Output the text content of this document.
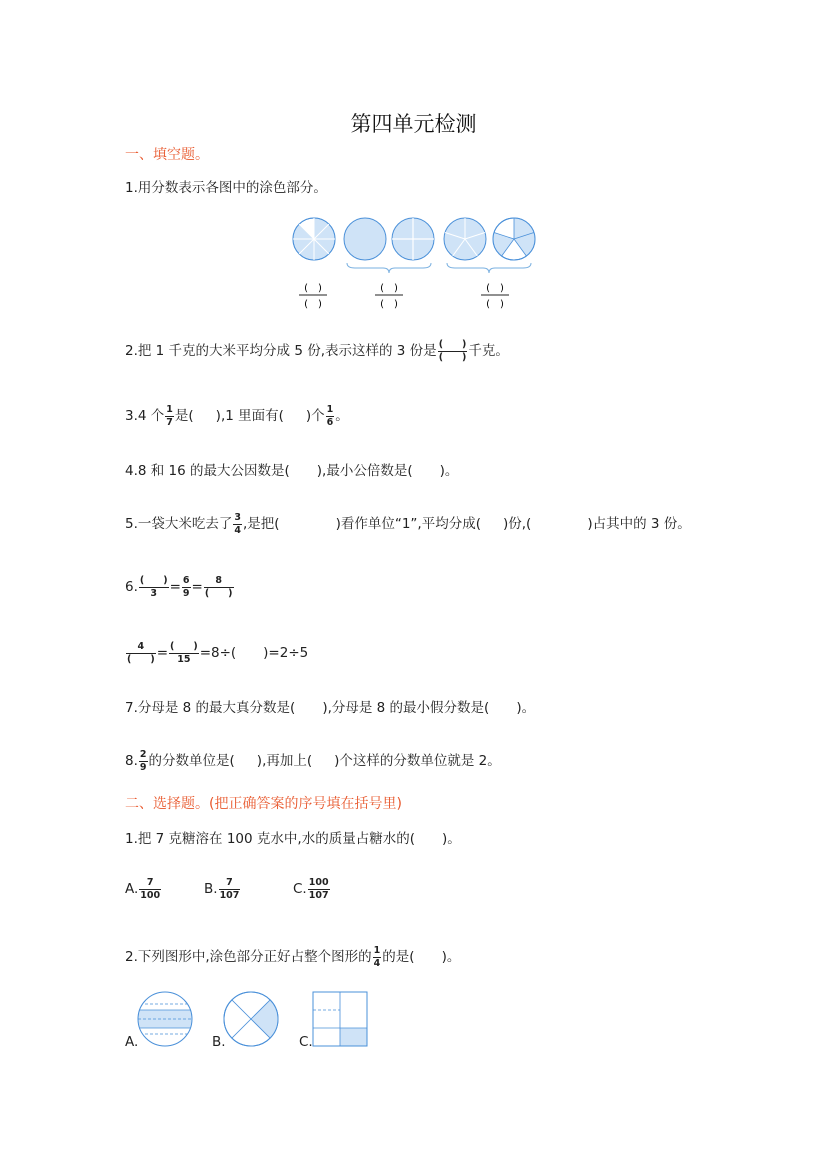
第四单元检测
一、填空题。
1.用分数表示各图中的涂色部分。
(　)
(　)
(　)
(　)
(　)
(　)
2.把 1 千克的大米平均分成 5 份,表示这样的 3 份是 $\frac{( )}{( )}$ 千克。
3.4 个 $\frac{1}{7}$ 是( ),1 里面有( )个 $\frac{1}{6}$ 。
4.8 和 16 的最大公因数是(　　),最小公倍数是(　　)。
5.一袋大米吃去了 $\frac{3}{4}$ ,是把(	)看作单位“1”,平均分成( )份,(	)占其中的 3 份。
6. $\frac{( )}{3} = \frac{6}{9} = \frac{8}{( )}$
$\frac{4}{( )} = \frac{( )}{15} =8\div$(　　)=2÷5
7.分母是 8 的最大真分数是(　　),分母是 8 的最小假分数是(　　)。
8. $\frac{2}{9}$ 的分数单位是( ),再加上( )个这样的分数单位就是 2。
二、选择题。(把正确答案的序号填在括号里)
1.把 7 克糖溶在 100 克水中,水的质量占糖水的(　　)。
A. $\frac{7}{100}$	B. $\frac{7}{107}$	C. $\frac{100}{107}$
2.下列图形中,涂色部分正好占整个图形的 $\frac{1}{4}$ 的是(　　)。
A.	B.	C.
